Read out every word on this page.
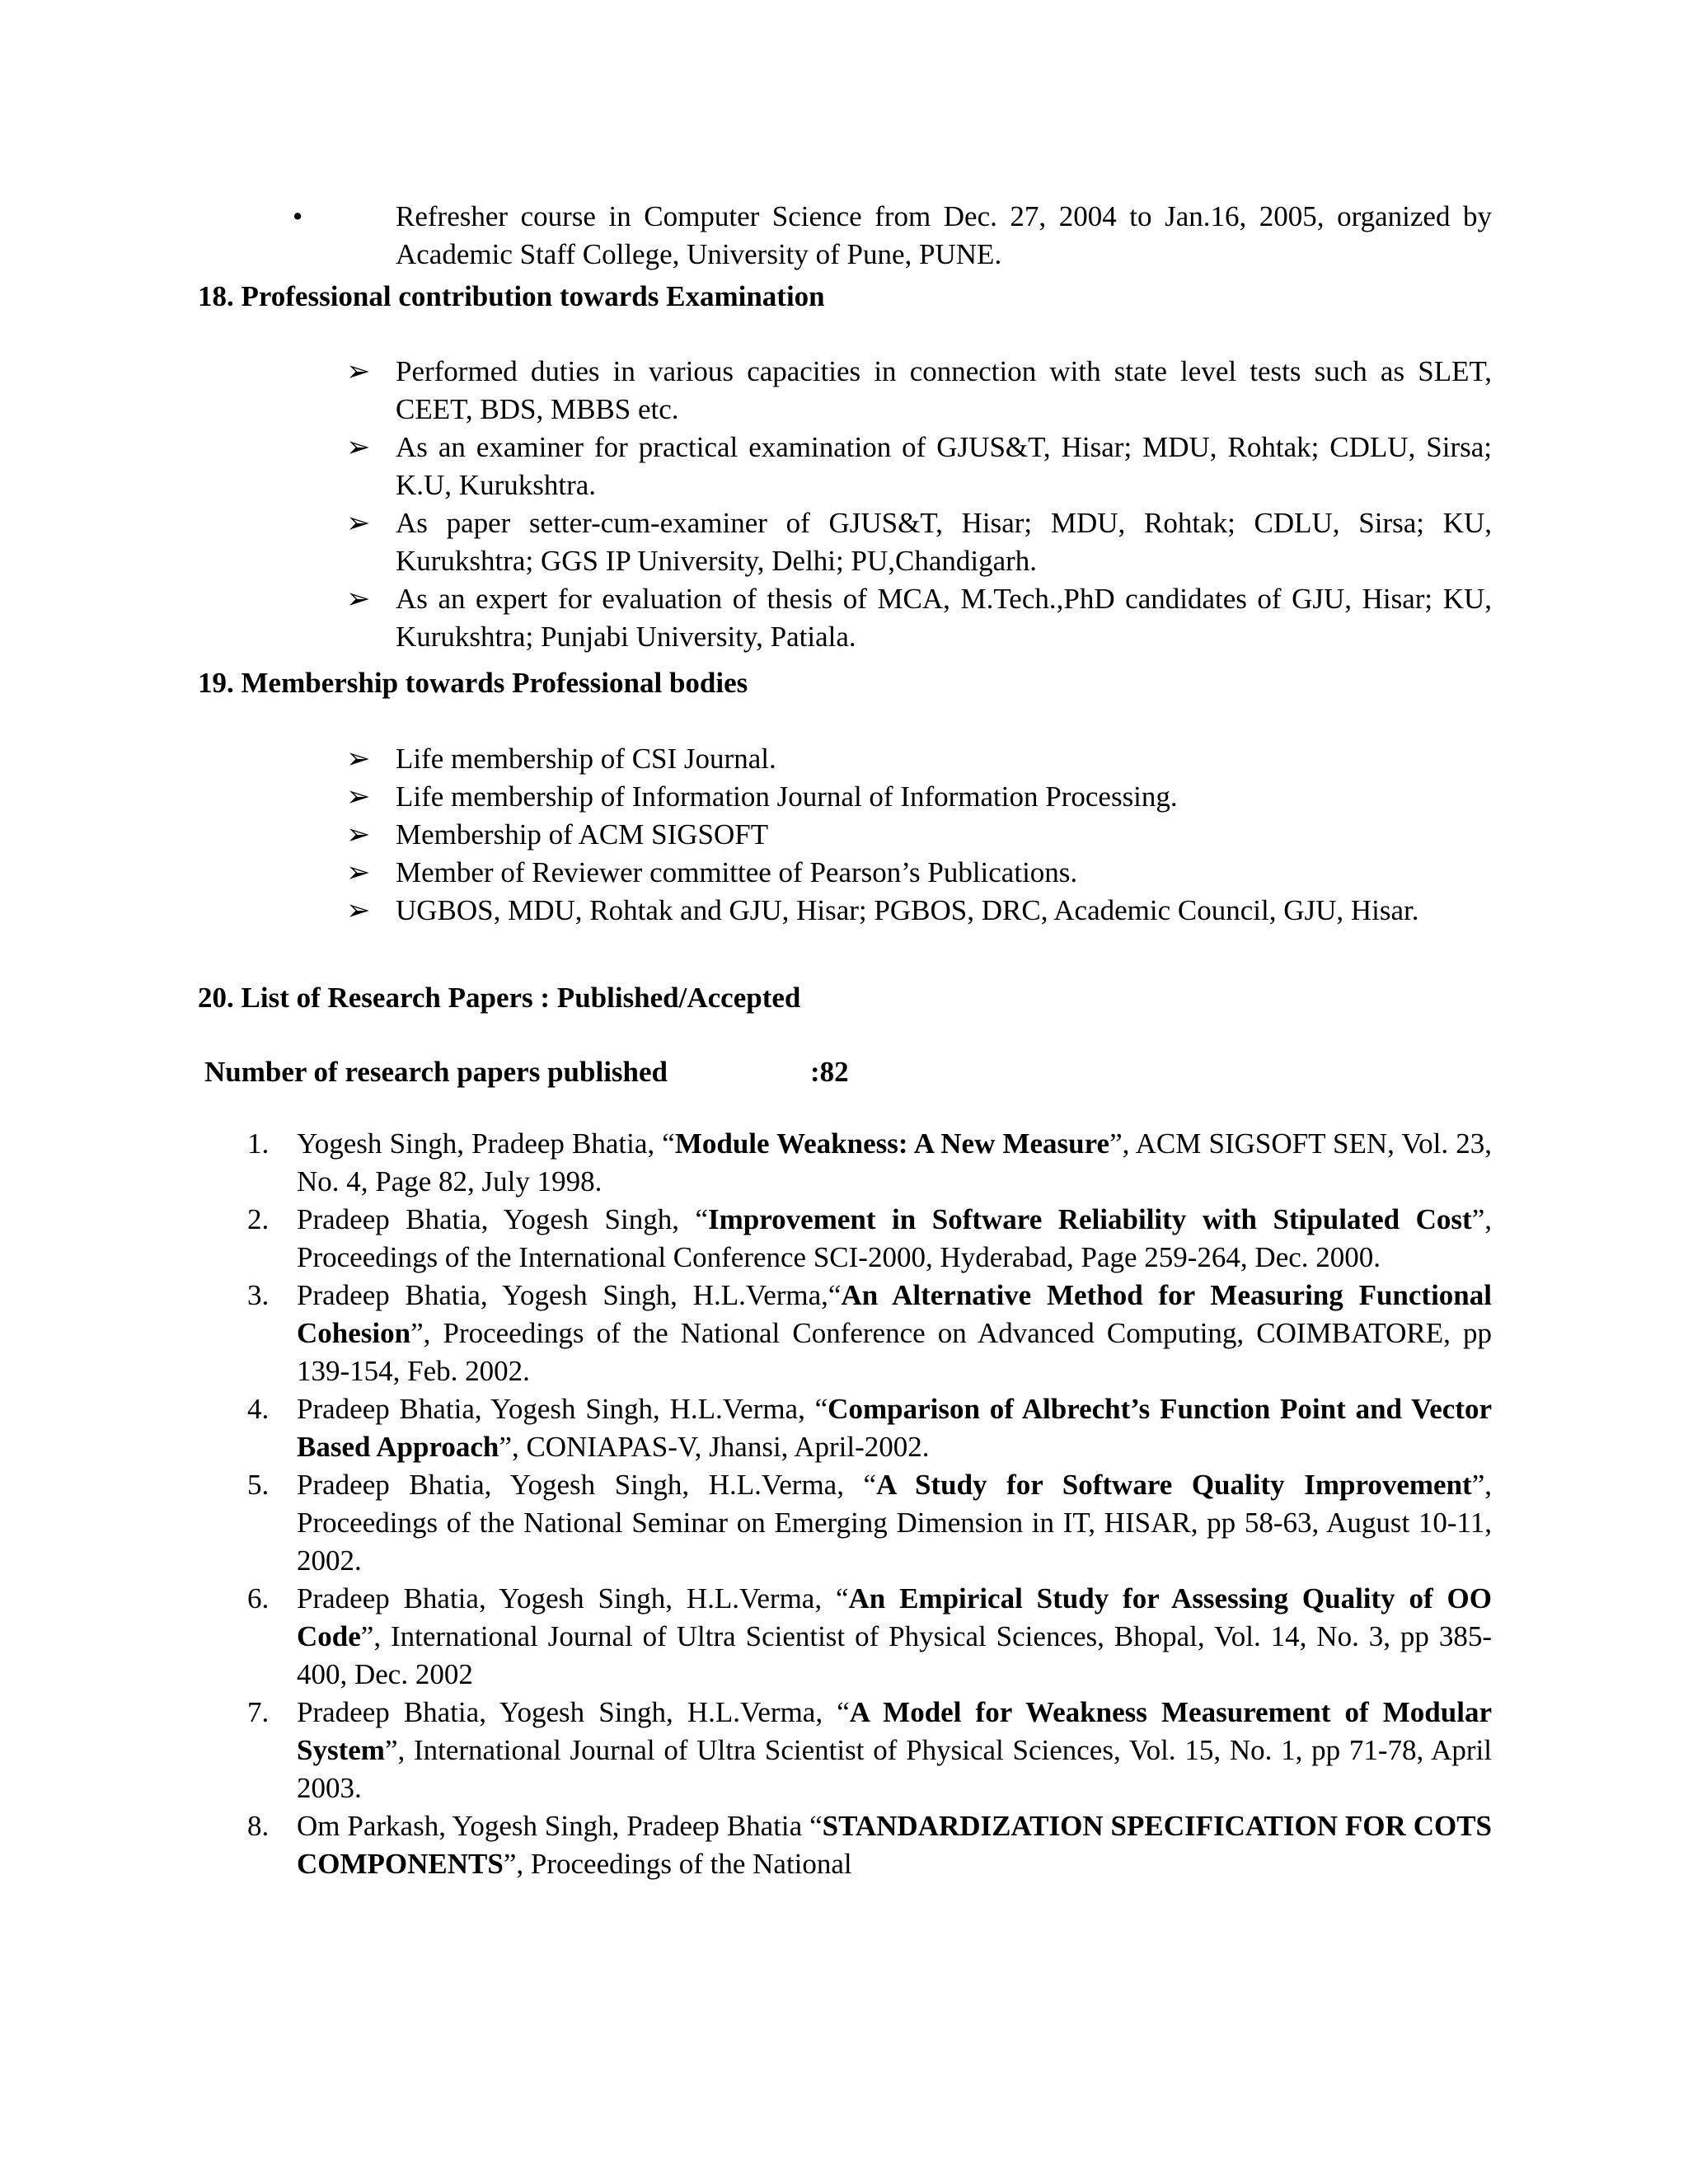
•	Refresher course in Computer Science from Dec. 27, 2004 to Jan.16, 2005, organized by Academic Staff College, University of Pune, PUNE.
18. Professional contribution towards Examination
➢ Performed duties in various capacities in connection with state level tests such as SLET, CEET, BDS, MBBS etc.
➢ As an examiner for practical examination of GJUS&T, Hisar; MDU, Rohtak; CDLU, Sirsa; K.U, Kurukshtra.
➢ As paper setter-cum-examiner of GJUS&T, Hisar; MDU, Rohtak; CDLU, Sirsa; KU, Kurukshtra; GGS IP University, Delhi; PU,Chandigarh.
➢ As an expert for evaluation of thesis of MCA, M.Tech.,PhD candidates of GJU, Hisar; KU, Kurukshtra; Punjabi University, Patiala.
19. Membership towards Professional bodies
➢ Life membership of CSI Journal.
➢ Life membership of Information Journal of Information Processing.
➢ Membership of ACM SIGSOFT
➢ Member of Reviewer committee of Pearson’s Publications.
➢ UGBOS, MDU, Rohtak and GJU, Hisar; PGBOS, DRC, Academic Council, GJU, Hisar.
20. List of Research Papers : Published/Accepted
Number of research papers published	:82
1. Yogesh Singh, Pradeep Bhatia, “Module Weakness: A New Measure”, ACM SIGSOFT SEN, Vol. 23, No. 4, Page 82, July 1998.
2. Pradeep Bhatia, Yogesh Singh, “Improvement in Software Reliability with Stipulated Cost”, Proceedings of the International Conference SCI-2000, Hyderabad, Page 259-264, Dec. 2000.
3. Pradeep Bhatia, Yogesh Singh, H.L.Verma,“An Alternative Method for Measuring Functional Cohesion”, Proceedings of the National Conference on Advanced Computing, COIMBATORE, pp 139-154, Feb. 2002.
4. Pradeep Bhatia, Yogesh Singh, H.L.Verma, “Comparison of Albrecht’s Function Point and Vector Based Approach”, CONIAPAS-V, Jhansi, April-2002.
5. Pradeep Bhatia, Yogesh Singh, H.L.Verma, “A Study for Software Quality Improvement”, Proceedings of the National Seminar on Emerging Dimension in IT, HISAR, pp 58-63, August 10-11, 2002.
6. Pradeep Bhatia, Yogesh Singh, H.L.Verma, “An Empirical Study for Assessing Quality of OO Code”, International Journal of Ultra Scientist of Physical Sciences, Bhopal, Vol. 14, No. 3, pp 385-400, Dec. 2002
7. Pradeep Bhatia, Yogesh Singh, H.L.Verma, “A Model for Weakness Measurement of Modular System”, International Journal of Ultra Scientist of Physical Sciences, Vol. 15, No. 1, pp 71-78, April 2003.
8. Om Parkash, Yogesh Singh, Pradeep Bhatia “STANDARDIZATION SPECIFICATION FOR COTS COMPONENTS”, Proceedings of the National
